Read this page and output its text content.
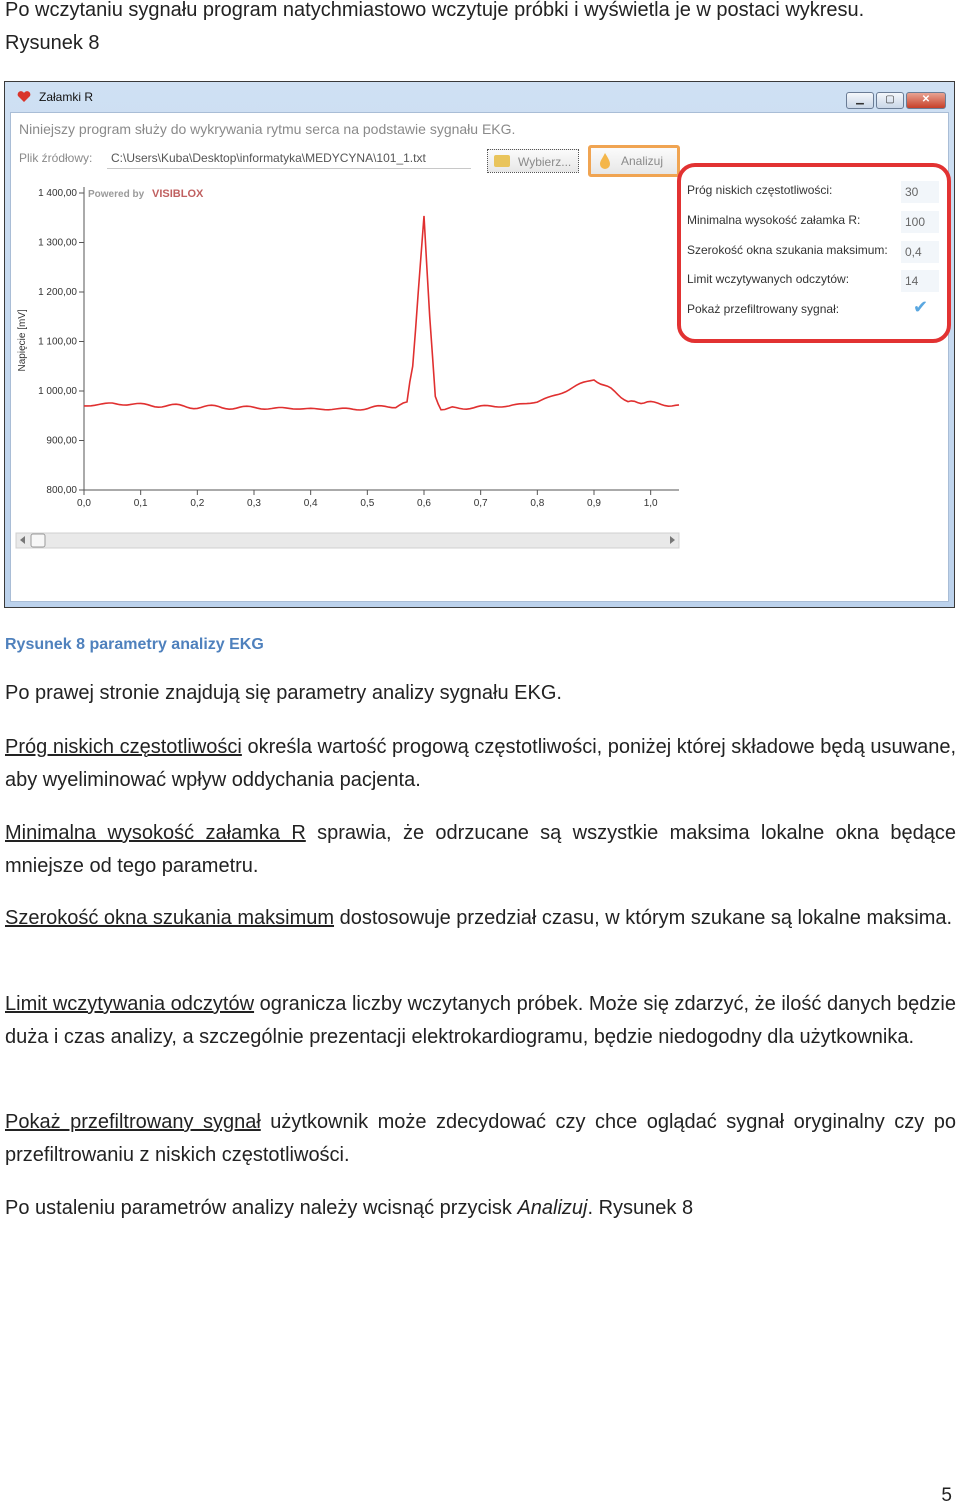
Po wczytaniu sygnału program natychmiastowo wczytuje próbki i wyświetla je w postaci wykresu.
Rysunek 8
Załamki R	▁	▢	✕
Niniejszy program służy do wykrywania rytmu serca na podstawie sygnału EKG.
Plik źródłowy:	C:\Users\Kuba\Desktop\informatyka\MEDYCYNA\101_1.txt	Wybierz...	Analizuj
1 400,00
1 300,00
1 200,00
1 100,00
1 000,00
900,00
800,00
0,0	0,1	0,2	0,3	0,4	0,5	0,6	0,7	0,8	0,9	1,0
Napięcie [mV]
Powered by VISIBLOX	Próg niskich częstotliwości:	30
Minimalna wysokość załamka R:	100
Szerokość okna szukania maksimum:	0,4
Limit wczytywanych odczytów:	14
Pokaż przefiltrowany sygnał:	✔
Rysunek 8 parametry analizy EKG
Po prawej stronie znajdują się parametry analizy sygnału EKG.
Próg niskich częstotliwości określa wartość progową częstotliwości, poniżej której składowe będą usuwane, aby wyeliminować wpływ oddychania pacjenta.
Minimalna wysokość załamka R sprawia, że odrzucane są wszystkie maksima lokalne okna będące mniejsze od tego parametru.
Szerokość okna szukania maksimum dostosowuje przedział czasu, w którym szukane są lokalne maksima.
Limit wczytywania odczytów ogranicza liczby wczytanych próbek. Może się zdarzyć, że ilość danych będzie duża i czas analizy, a szczególnie prezentacji elektrokardiogramu, będzie niedogodny dla użytkownika.
Pokaż przefiltrowany sygnał użytkownik może zdecydować czy chce oglądać sygnał oryginalny czy po przefiltrowaniu z niskich częstotliwości.
Po ustaleniu parametrów analizy należy wcisnąć przycisk Analizuj. Rysunek 8
5
